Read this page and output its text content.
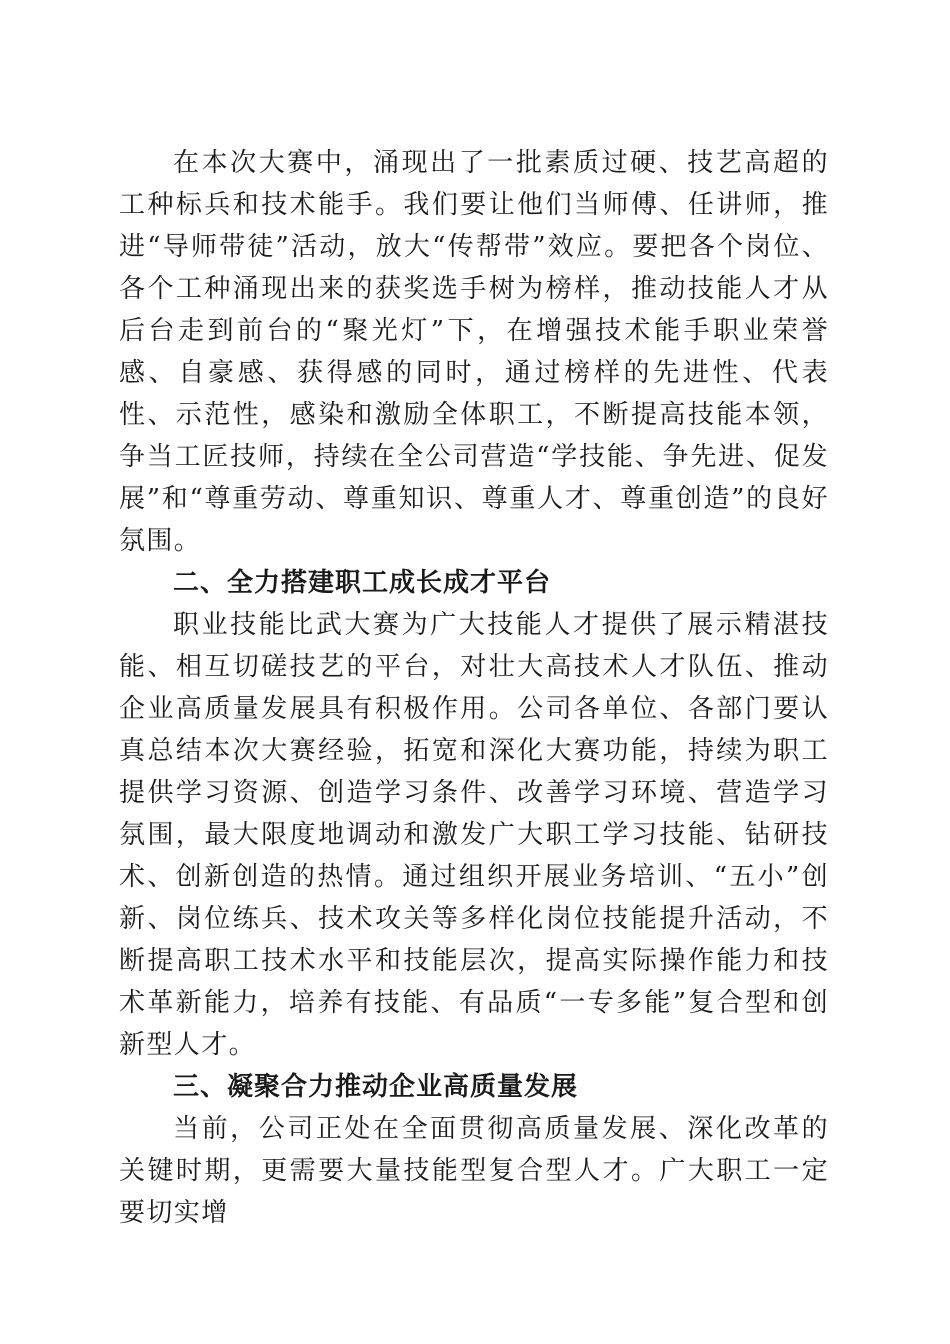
在本次大赛中，涌现出了一批素质过硬、技艺高超的工种标兵和技术能手。我们要让他们当师傅、任讲师，推进“导师带徒”活动，放大“传帮带”效应。要把各个岗位、各个工种涌现出来的获奖选手树为榜样，推动技能人才从后台走到前台的“聚光灯”下，在增强技术能手职业荣誉感、自豪感、获得感的同时，通过榜样的先进性、代表性、示范性，感染和激励全体职工，不断提高技能本领，争当工匠技师，持续在全公司营造“学技能、争先进、促发展”和“尊重劳动、尊重知识、尊重人才、尊重创造”的良好氛围。

二、全力搭建职工成长成才平台

职业技能比武大赛为广大技能人才提供了展示精湛技能、相互切磋技艺的平台，对壮大高技术人才队伍、推动企业高质量发展具有积极作用。公司各单位、各部门要认真总结本次大赛经验，拓宽和深化大赛功能，持续为职工提供学习资源、创造学习条件、改善学习环境、营造学习氛围，最大限度地调动和激发广大职工学习技能、钻研技术、创新创造的热情。通过组织开展业务培训、“五小”创新、岗位练兵、技术攻关等多样化岗位技能提升活动，不断提高职工技术水平和技能层次，提高实际操作能力和技术革新能力，培养有技能、有品质“一专多能”复合型和创新型人才。

三、凝聚合力推动企业高质量发展

当前，公司正处在全面贯彻高质量发展、深化改革的关键时期，更需要大量技能型复合型人才。广大职工一定要切实增
